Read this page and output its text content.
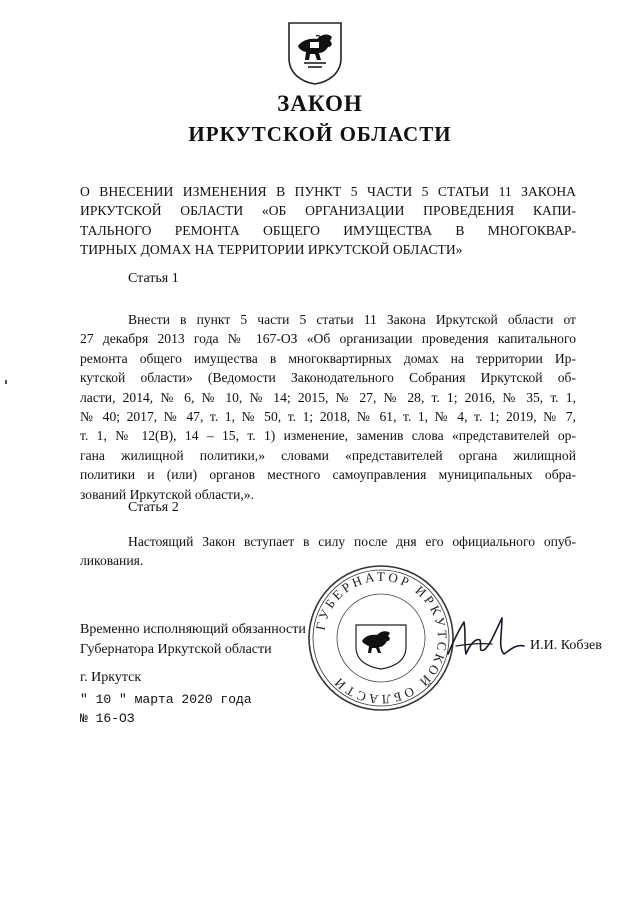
ЗАКОН
ИРКУТСКОЙ ОБЛАСТИ
О ВНЕСЕНИИ ИЗМЕНЕНИЯ В ПУНКТ 5 ЧАСТИ 5 СТАТЬИ 11 ЗАКОНА
ИРКУТСКОЙ ОБЛАСТИ «ОБ ОРГАНИЗАЦИИ ПРОВЕДЕНИЯ КАПИ-
ТАЛЬНОГО РЕМОНТА ОБЩЕГО ИМУЩЕСТВА В МНОГОКВАР-
ТИРНЫХ ДОМАХ НА ТЕРРИТОРИИ ИРКУТСКОЙ ОБЛАСТИ»
Статья 1
Внести в пункт 5 части 5 статьи 11 Закона Иркутской области от
27 декабря 2013 года № 167-ОЗ «Об организации проведения капитального
ремонта общего имущества в многоквартирных домах на территории Ир-
кутской области» (Ведомости Законодательного Собрания Иркутской об-
ласти, 2014, № 6, № 10, № 14; 2015, № 27, № 28, т. 1; 2016, № 35, т. 1,
№ 40; 2017, № 47, т. 1, № 50, т. 1; 2018, № 61, т. 1, № 4, т. 1; 2019, № 7,
т. 1, № 12(В), 14 – 15, т. 1) изменение, заменив слова «представителей ор-
гана жилищной политики,» словами «представителей органа жилищной
политики и (или) органов местного самоуправления муниципальных обра-
зований Иркутской области,».
Статья 2
Настоящий Закон вступает в силу после дня его официального опуб-
ликования.
ГУБЕРНАТОР ИРКУТСКОЙ ОБЛАСТИ
Временно исполняющий обязанности
Губернатора Иркутской области	И.И. Кобзев
г. Иркутск
" 10 " марта 2020 года
№ 16-ОЗ
